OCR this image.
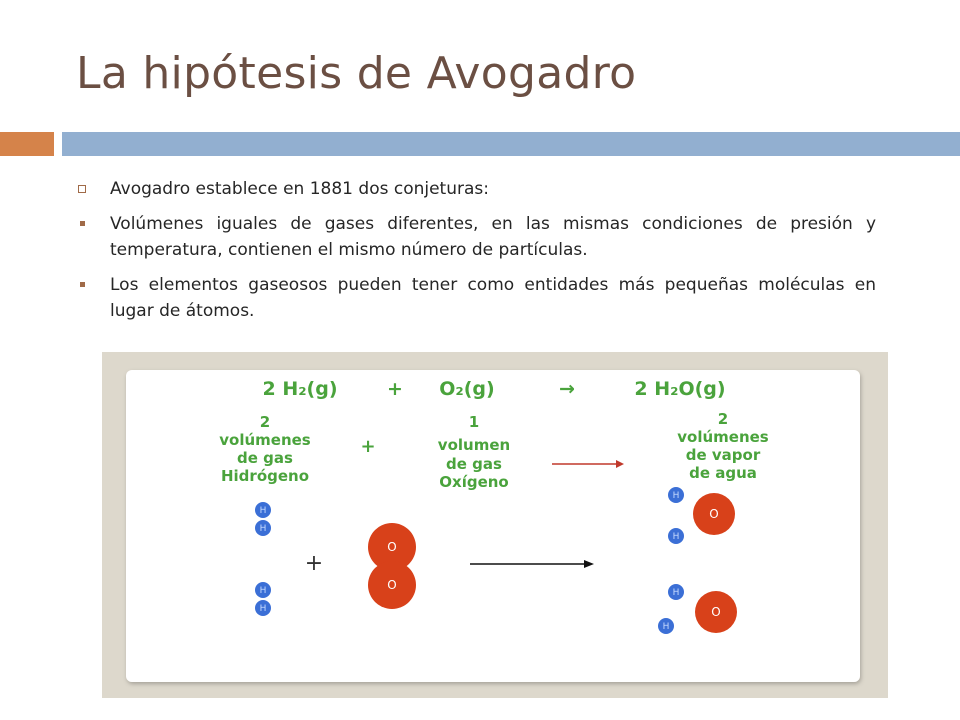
La hipótesis de Avogadro
Avogadro establece en 1881 dos conjeturas:
Volúmenes iguales de gases diferentes, en las mismas condiciones de presión y temperatura, contienen el mismo número de partículas.
Los elementos gaseosos pueden tener como entidades más pequeñas moléculas en lugar de átomos.
2 H₂(g)	+ O₂(g)	→	2 H₂O(g)
2
volúmenes
de gas
Hidrógeno
+
1
volumen
de gas
Oxígeno
2
volúmenes
de vapor
de agua
H
H
H
H
+
O
O
O
O
H
H
H
H
